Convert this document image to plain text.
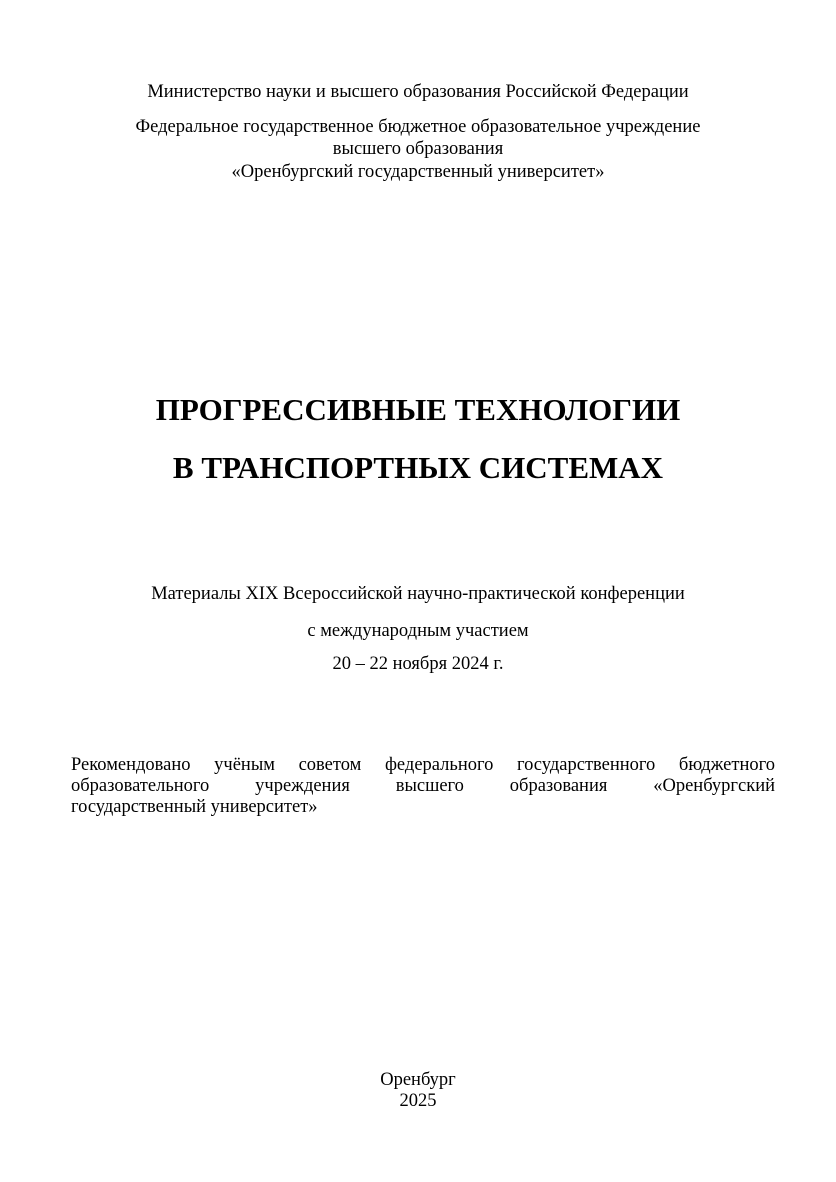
Министерство науки и высшего образования Российской Федерации
Федеральное государственное бюджетное образовательное учреждение
высшего образования
«Оренбургский государственный университет»
ПРОГРЕССИВНЫЕ ТЕХНОЛОГИИ
В ТРАНСПОРТНЫХ СИСТЕМАХ
Материалы XIX Всероссийской научно-практической конференции
с международным участием
20 – 22 ноября 2024 г.
Рекомендовано учёным советом федерального государственного бюджетного
образовательного учреждения высшего образования «Оренбургский
государственный университет»
Оренбург
2025
